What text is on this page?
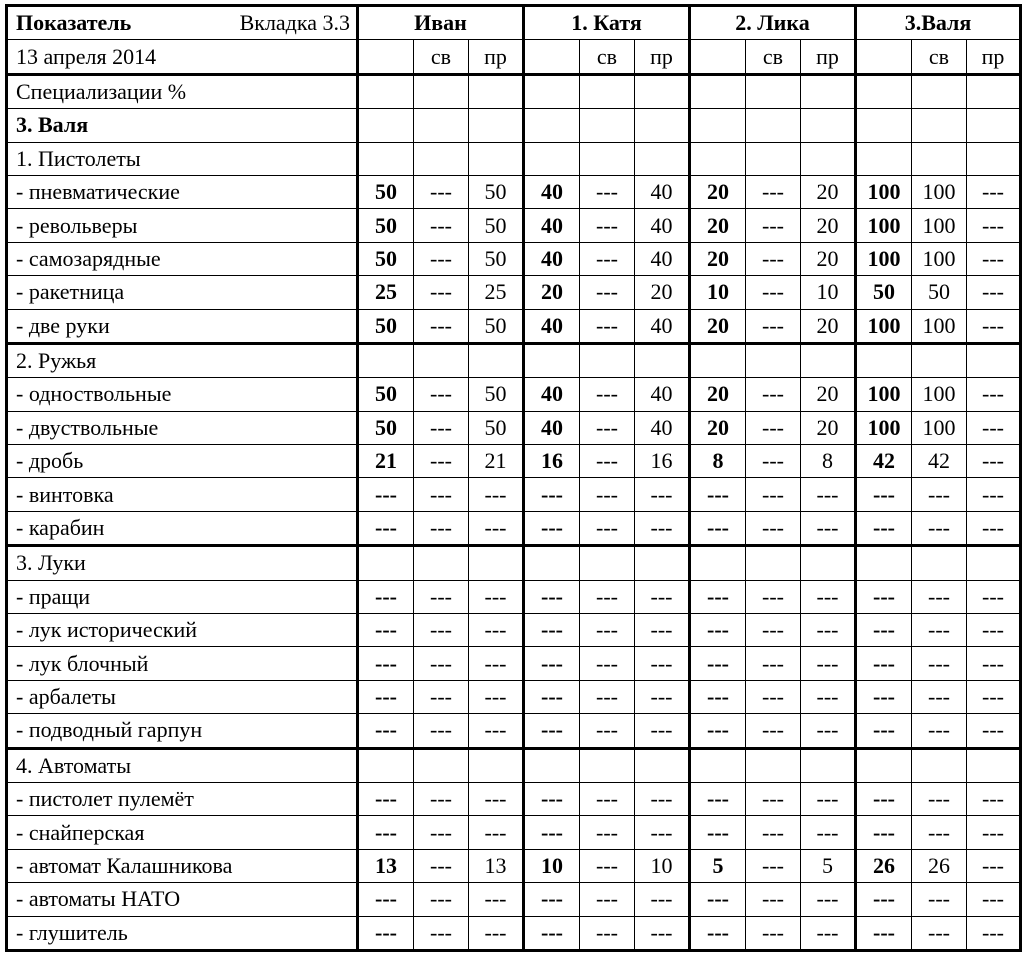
Показатель Вкладка 3.3	Иван			1. Катя			2. Лика			3.Валя		
13 апреля 2014		св	пр		св	пр		св	пр		св	пр
Специализации %												
3. Валя												
1. Пистолеты												
- пневматические	50	---	50	40	---	40	20	---	20	100	100	---
- револьверы	50	---	50	40	---	40	20	---	20	100	100	---
- самозарядные	50	---	50	40	---	40	20	---	20	100	100	---
- ракетница	25	---	25	20	---	20	10	---	10	50	50	---
- две руки	50	---	50	40	---	40	20	---	20	100	100	---
2. Ружья												
- одноствольные	50	---	50	40	---	40	20	---	20	100	100	---
- двуствольные	50	---	50	40	---	40	20	---	20	100	100	---
- дробь	21	---	21	16	---	16	8	---	8	42	42	---
- винтовка	---	---	---	---	---	---	---	---	---	---	---	---
- карабин	---	---	---	---	---	---	---	---	---	---	---	---
3. Луки												
- пращи	---	---	---	---	---	---	---	---	---	---	---	---
- лук исторический	---	---	---	---	---	---	---	---	---	---	---	---
- лук блочный	---	---	---	---	---	---	---	---	---	---	---	---
- арбалеты	---	---	---	---	---	---	---	---	---	---	---	---
- подводный гарпун	---	---	---	---	---	---	---	---	---	---	---	---
4. Автоматы												
- пистолет пулемёт	---	---	---	---	---	---	---	---	---	---	---	---
- снайперская	---	---	---	---	---	---	---	---	---	---	---	---
- автомат Калашникова	13	---	13	10	---	10	5	---	5	26	26	---
- автоматы НАТО	---	---	---	---	---	---	---	---	---	---	---	---
- глушитель	---	---	---	---	---	---	---	---	---	---	---	---
